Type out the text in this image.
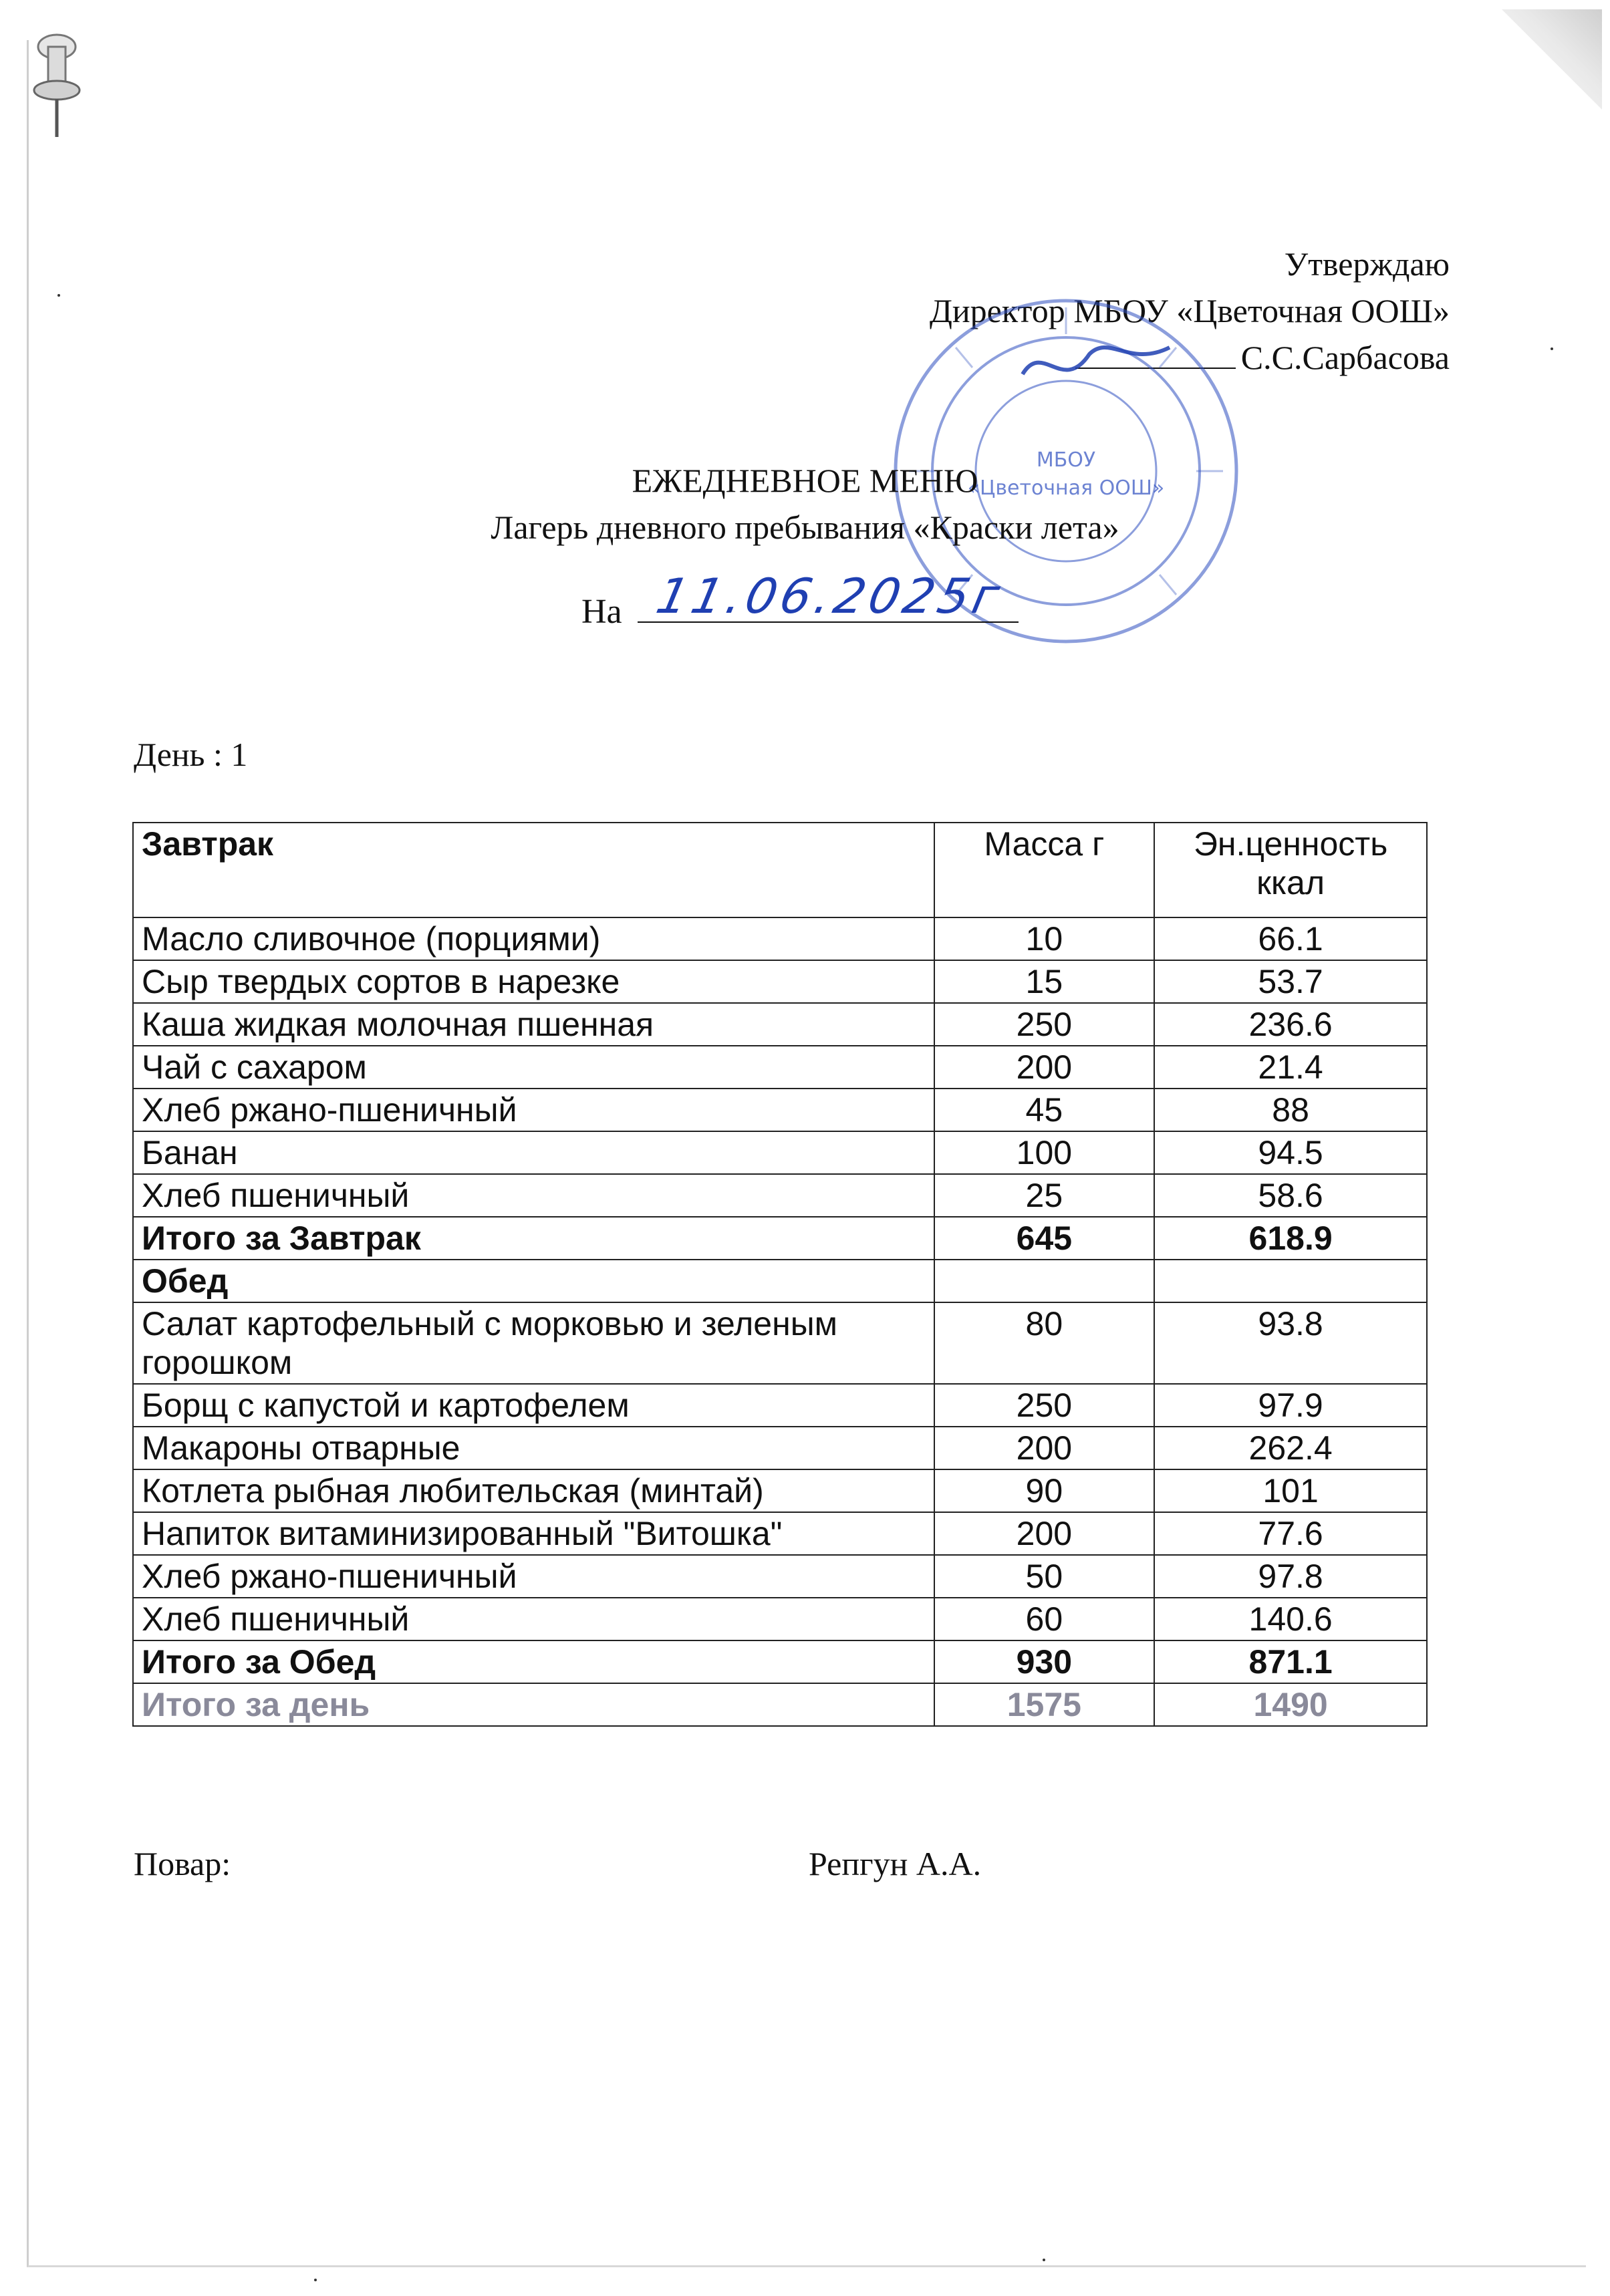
Утверждаю
Директор МБОУ «Цветочная ООШ»
С.С.Сарбасова
МБОУ
«Цветочная ООШ»
ЕЖЕДНЕВНОЕ МЕНЮ
Лагерь дневного пребывания «Краски лета»
На 11.06.2025г
День : 1
Завтрак	Масса г	Эн.ценность ккал
Масло сливочное (порциями)	10	66.1
Сыр твердых сортов в нарезке	15	53.7
Каша жидкая молочная пшенная	250	236.6
Чай с сахаром	200	21.4
Хлеб ржано-пшеничный	45	88
Банан	100	94.5
Хлеб пшеничный	25	58.6
Итого за Завтрак	645	618.9
Обед		
Салат картофельный с морковью и зеленым горошком	80	93.8
Борщ с капустой и картофелем	250	97.9
Макароны отварные	200	262.4
Котлета рыбная любительская (минтай)	90	101
Напиток витаминизированный "Витошка"	200	77.6
Хлеб ржано-пшеничный	50	97.8
Хлеб пшеничный	60	140.6
Итого за Обед	930	871.1
Итого за день	1575	1490
Повар:	Репгун А.А.
